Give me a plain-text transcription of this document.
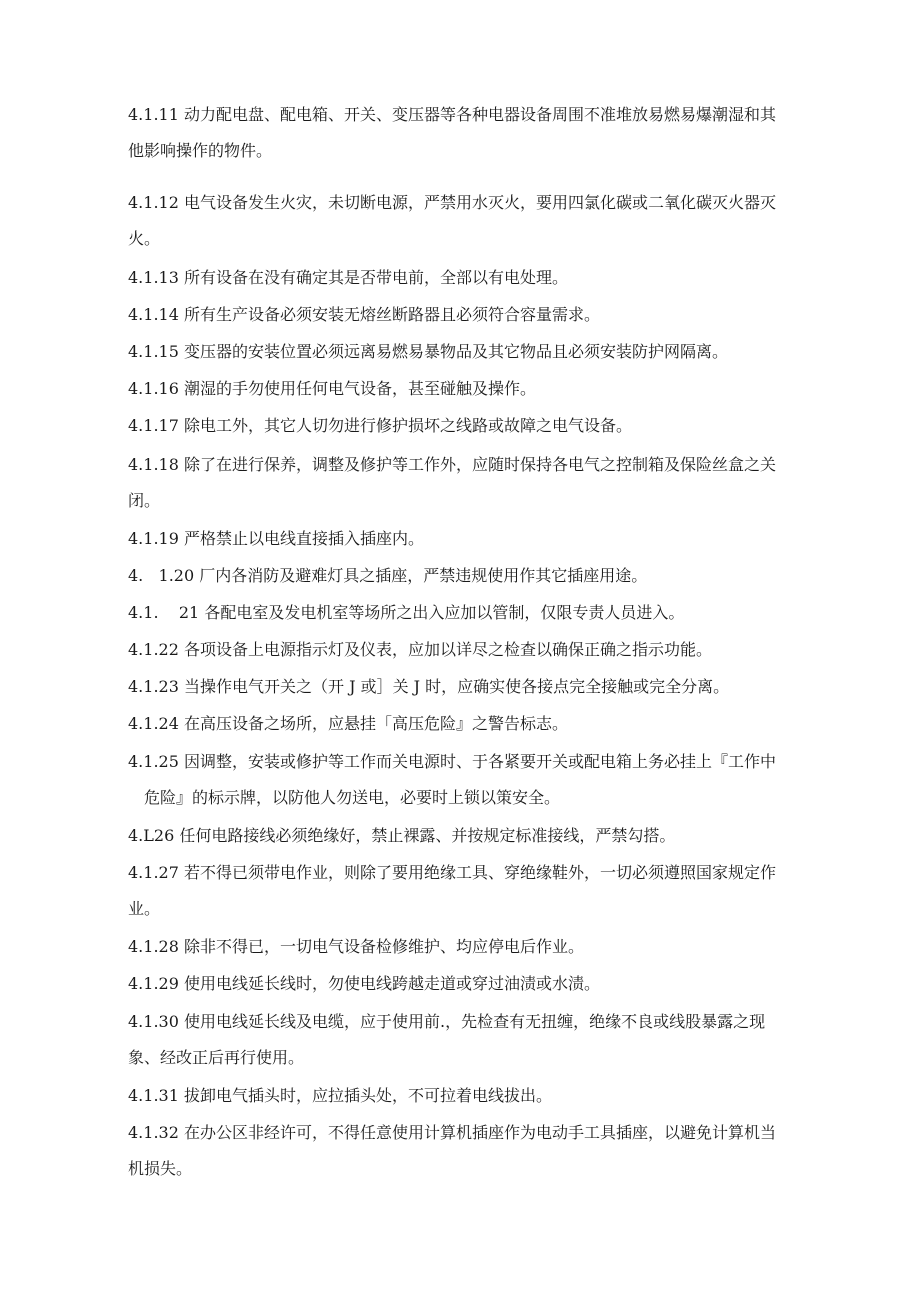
4.1.11 动力配电盘、配电箱、开关、变压器等各种电器设备周围不准堆放易燃易爆潮湿和其
他影响操作的物件。
4.1.12 电气设备发生火灾，未切断电源，严禁用水灭火，要用四氯化碳或二氧化碳灭火器灭
火。
4.1.13 所有设备在没有确定其是否带电前，全部以有电处理。
4.1.14 所有生产设备必须安装无熔丝断路器且必须符合容量需求。
4.1.15 变压器的安装位置必须远离易燃易暴物品及其它物品且必须安装防护网隔离。
4.1.16 潮湿的手勿使用任何电气设备，甚至碰触及操作。
4.1.17 除电工外，其它人切勿进行修护损坏之线路或故障之电气设备。
4.1.18 除了在进行保养，调整及修护等工作外，应随时保持各电气之控制箱及保险丝盒之关
闭。
4.1.19 严格禁止以电线直接插入插座内。
4.   1.20 厂内各消防及避难灯具之插座，严禁违规使用作其它插座用途。
4.1.    21 各配电室及发电机室等场所之出入应加以管制，仅限专责人员进入。
4.1.22 各项设备上电源指示灯及仪表，应加以详尽之检查以确保正确之指示功能。
4.1.23 当操作电气开关之（开 J 或］关 J 时，应确实使各接点完全接触或完全分离。
4.1.24 在高压设备之场所，应悬挂「高压危险』之警告标志。
4.1.25 因调整，安装或修护等工作而关电源时、于各紧要开关或配电箱上务必挂上『工作中
危险』的标示牌，以防他人勿送电，必要时上锁以策安全。
4.L26 任何电路接线必须绝缘好，禁止裸露、并按规定标准接线，严禁勾搭。
4.1.27 若不得已须带电作业，则除了要用绝缘工具、穿绝缘鞋外，一切必须遵照国家规定作
业。
4.1.28 除非不得已，一切电气设备检修维护、均应停电后作业。
4.1.29 使用电线延长线时，勿使电线跨越走道或穿过油渍或水渍。
4.1.30 使用电线延长线及电缆，应于使用前.，先检查有无扭缠，绝缘不良或线股暴露之现
象、经改正后再行使用。
4.1.31 拔卸电气插头时，应拉插头处，不可拉着电线拔出。
4.1.32 在办公区非经许可，不得任意使用计算机插座作为电动手工具插座，以避免计算机当
机损失。
